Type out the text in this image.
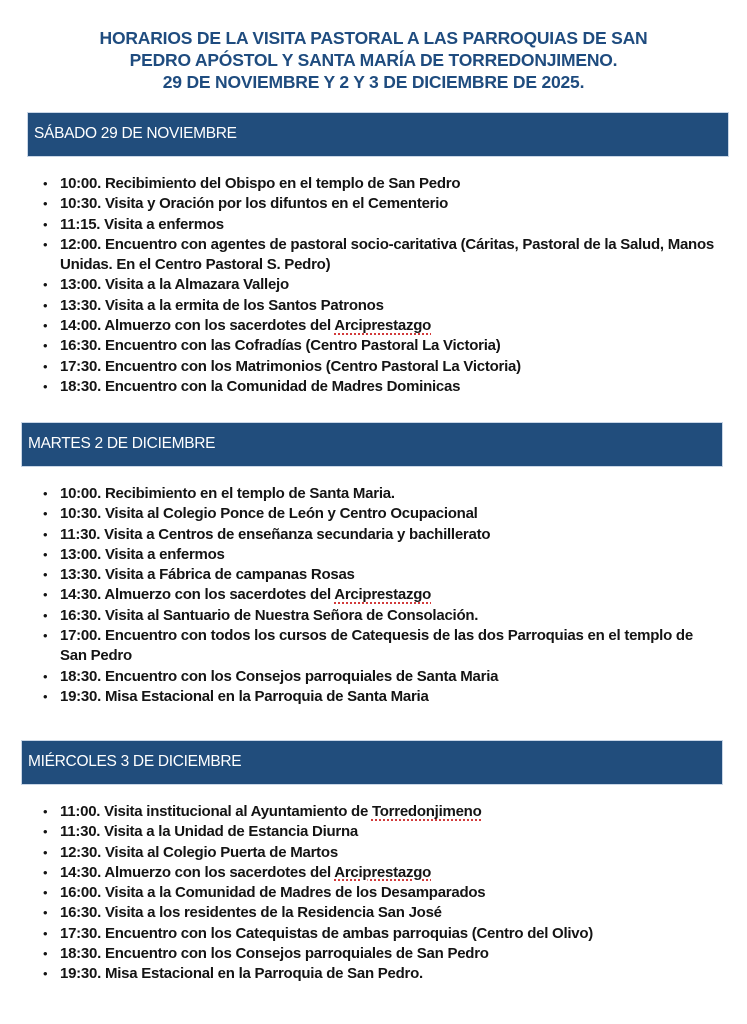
HORARIOS DE LA VISITA PASTORAL A LAS PARROQUIAS DE SAN
PEDRO APÓSTOL Y SANTA MARÍA DE TORREDONJIMENO.
29 DE NOVIEMBRE Y 2 Y 3 DE DICIEMBRE DE 2025.
SÁBADO 29 DE NOVIEMBRE
• 10:00. Recibimiento del Obispo en el templo de San Pedro
• 10:30. Visita y Oración por los difuntos en el Cementerio
• 11:15. Visita a enfermos
• 12:00. Encuentro con agentes de pastoral socio-caritativa (Cáritas, Pastoral de la Salud, Manos Unidas. En el Centro Pastoral S. Pedro)
• 13:00. Visita a la Almazara Vallejo
• 13:30. Visita a la ermita de los Santos Patronos
• 14:00. Almuerzo con los sacerdotes del Arciprestazgo
• 16:30. Encuentro con las Cofradías (Centro Pastoral La Victoria)
• 17:30. Encuentro con los Matrimonios (Centro Pastoral La Victoria)
• 18:30. Encuentro con la Comunidad de Madres Dominicas
MARTES 2 DE DICIEMBRE
• 10:00. Recibimiento en el templo de Santa Maria.
• 10:30. Visita al Colegio Ponce de León y Centro Ocupacional
• 11:30. Visita a Centros de enseñanza secundaria y bachillerato
• 13:00. Visita a enfermos
• 13:30. Visita a Fábrica de campanas Rosas
• 14:30. Almuerzo con los sacerdotes del Arciprestazgo
• 16:30. Visita al Santuario de Nuestra Señora de Consolación.
• 17:00. Encuentro con todos los cursos de Catequesis de las dos Parroquias en el templo de San Pedro
• 18:30. Encuentro con los Consejos parroquiales de Santa Maria
• 19:30. Misa Estacional en la Parroquia de Santa Maria
MIÉRCOLES 3 DE DICIEMBRE
• 11:00. Visita institucional al Ayuntamiento de Torredonjimeno
• 11:30. Visita a la Unidad de Estancia Diurna
• 12:30. Visita al Colegio Puerta de Martos
• 14:30. Almuerzo con los sacerdotes del Arciprestazgo
• 16:00. Visita a la Comunidad de Madres de los Desamparados
• 16:30. Visita a los residentes de la Residencia San José
• 17:30. Encuentro con los Catequistas de ambas parroquias (Centro del Olivo)
• 18:30. Encuentro con los Consejos parroquiales de San Pedro
• 19:30. Misa Estacional en la Parroquia de San Pedro.
